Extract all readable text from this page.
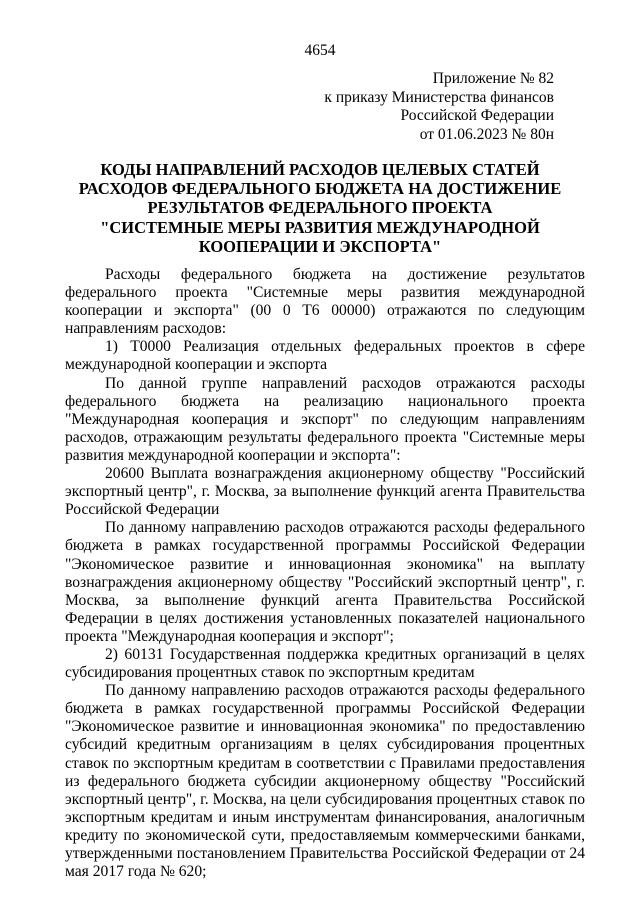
4654
Приложение № 82
к приказу Министерства финансов
Российской Федерации
от 01.06.2023 № 80н
КОДЫ НАПРАВЛЕНИЙ РАСХОДОВ ЦЕЛЕВЫХ СТАТЕЙ
РАСХОДОВ ФЕДЕРАЛЬНОГО БЮДЖЕТА НА ДОСТИЖЕНИЕ
РЕЗУЛЬТАТОВ ФЕДЕРАЛЬНОГО ПРОЕКТА
"СИСТЕМНЫЕ МЕРЫ РАЗВИТИЯ МЕЖДУНАРОДНОЙ
КООПЕРАЦИИ И ЭКСПОРТА"

Расходы федерального бюджета на достижение результатов федерального проекта "Системные меры развития международной кооперации и экспорта" (00 0 Т6 00000) отражаются по следующим направлениям расходов:

1) Т0000 Реализация отдельных федеральных проектов в сфере международной кооперации и экспорта

По данной группе направлений расходов отражаются расходы федерального бюджета на реализацию национального проекта "Международная кооперация и экспорт" по следующим направлениям расходов, отражающим результаты федерального проекта "Системные меры развития международной кооперации и экспорта":

20600 Выплата вознаграждения акционерному обществу "Российский экспортный центр", г. Москва, за выполнение функций агента Правительства Российской Федерации

По данному направлению расходов отражаются расходы федерального бюджета в рамках государственной программы Российской Федерации "Экономическое развитие и инновационная экономика" на выплату вознаграждения акционерному обществу "Российский экспортный центр", г. Москва, за выполнение функций агента Правительства Российской Федерации в целях достижения установленных показателей национального проекта "Международная кооперация и экспорт";

2) 60131 Государственная поддержка кредитных организаций в целях субсидирования процентных ставок по экспортным кредитам

По данному направлению расходов отражаются расходы федерального бюджета в рамках государственной программы Российской Федерации "Экономическое развитие и инновационная экономика" по предоставлению субсидий кредитным организациям в целях субсидирования процентных ставок по экспортным кредитам в соответствии с Правилами предоставления из федерального бюджета субсидии акционерному обществу "Российский экспортный центр", г. Москва, на цели субсидирования процентных ставок по экспортным кредитам и иным инструментам финансирования, аналогичным кредиту по экономической сути, предоставляемым коммерческими банками, утвержденными постановлением Правительства Российской Федерации от 24 мая 2017 года № 620;
